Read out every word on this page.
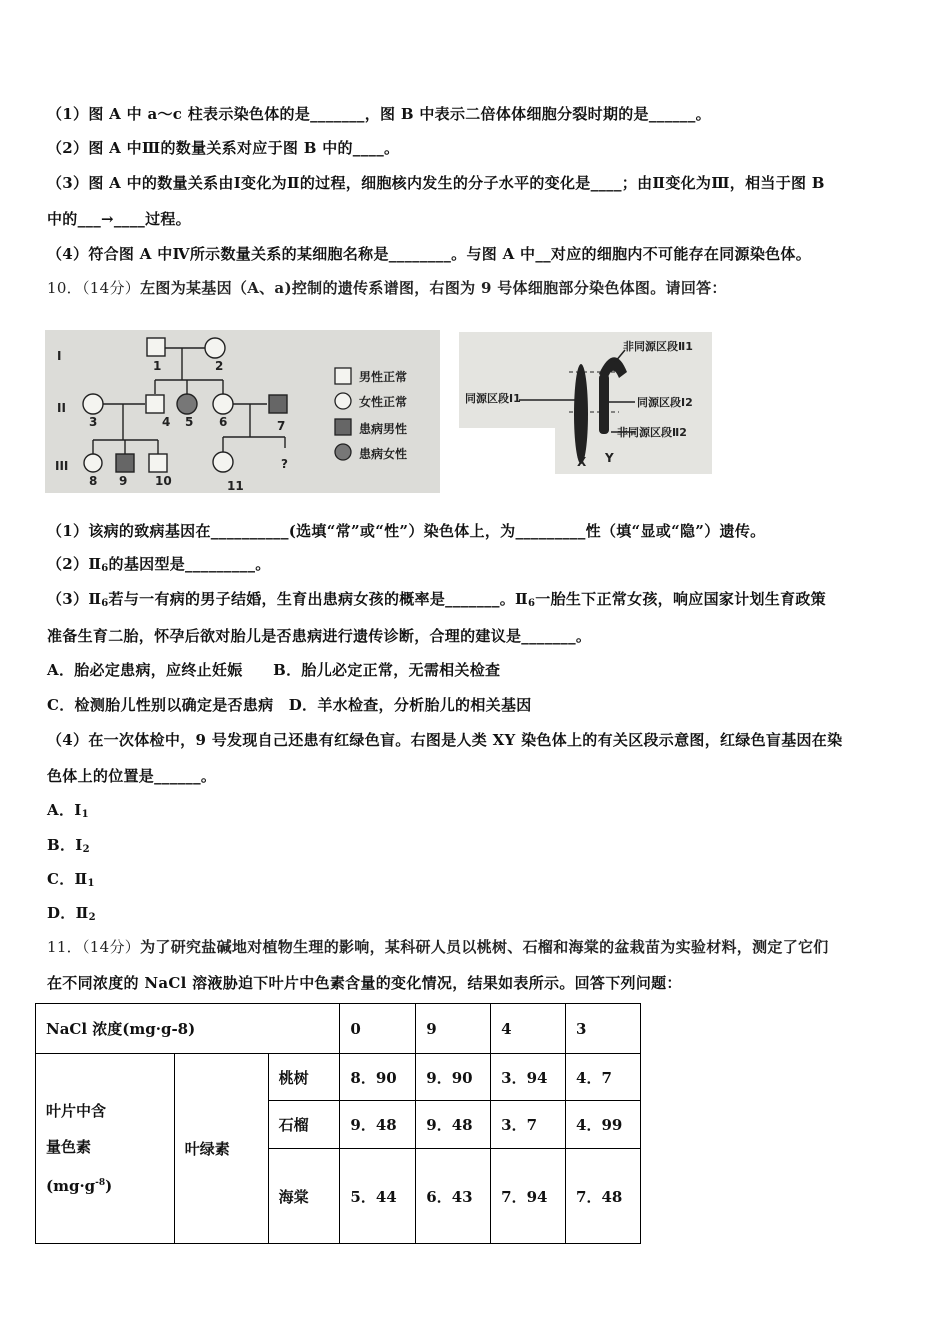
（1）图 A 中 a～c 柱表示染色体的是_______，图 B 中表示二倍体体细胞分裂时期的是______。
（2）图 A 中Ⅲ的数量关系对应于图 B 中的____。
（3）图 A 中的数量关系由Ⅰ变化为Ⅱ的过程，细胞核内发生的分子水平的变化是____；由Ⅱ变化为Ⅲ，相当于图 B
中的___→____过程。
（4）符合图 A 中Ⅳ所示数量关系的某细胞名称是________。与图 A 中__对应的细胞内不可能存在同源染色体。
10．（14分）左图为某基因（A、a)控制的遗传系谱图，右图为 9 号体细胞部分染色体图。请回答：
I
II
III
1	2
3	4 5 6	7
8 9 10	11
?
男性正常
女性正常
患病男性
患病女性
非同源区段Ⅱ1
同源区段Ⅰ1	同源区段Ⅰ2
非同源区段Ⅱ2
X Y
（1）该病的致病基因在__________(选填“常”或“性”）染色体上，为_________性（填“显或“隐”）遗传。
$(2)Ⅱ_6$的基因型是_________。
$(3)Ⅱ_6$若与一有病的男子结婚，生育出患病女孩的概率是_______。$Ⅱ_6$一胎生下正常女孩，响应国家计划生育政策
准备生育二胎，怀孕后欲对胎儿是否患病进行遗传诊断，合理的建议是_______。
A．胎必定患病，应终止妊娠　　B．胎儿必定正常，无需相关检查
C．检测胎儿性别以确定是否患病　D．羊水检查，分析胎儿的相关基因
（4）在一次体检中，9 号发现自己还患有红绿色盲。右图是人类 XY 染色体上的有关区段示意图，红绿色盲基因在染
色体上的位置是______。
A．$I_1$
B．$I_2$
C．$Ⅱ_1$
D．$Ⅱ_2$
11．（14分）为了研究盐碱地对植物生理的影响，某科研人员以桃树、石榴和海棠的盆栽苗为实验材料，测定了它们
在不同浓度的 NaCl 溶液胁迫下叶片中色素含量的变化情况，结果如表所示。回答下列问题：
NaCl 浓度(mg·g-8)			0	9	4	3

叶片中含
量色素
$(mg\cdot g^{-8})$	叶绿素	桃树	8．90	9．90	3．94	4．7
		石榴	9．48	9．48	3．7	4．99
		海棠	5．44	6．43	7．94	7．48
